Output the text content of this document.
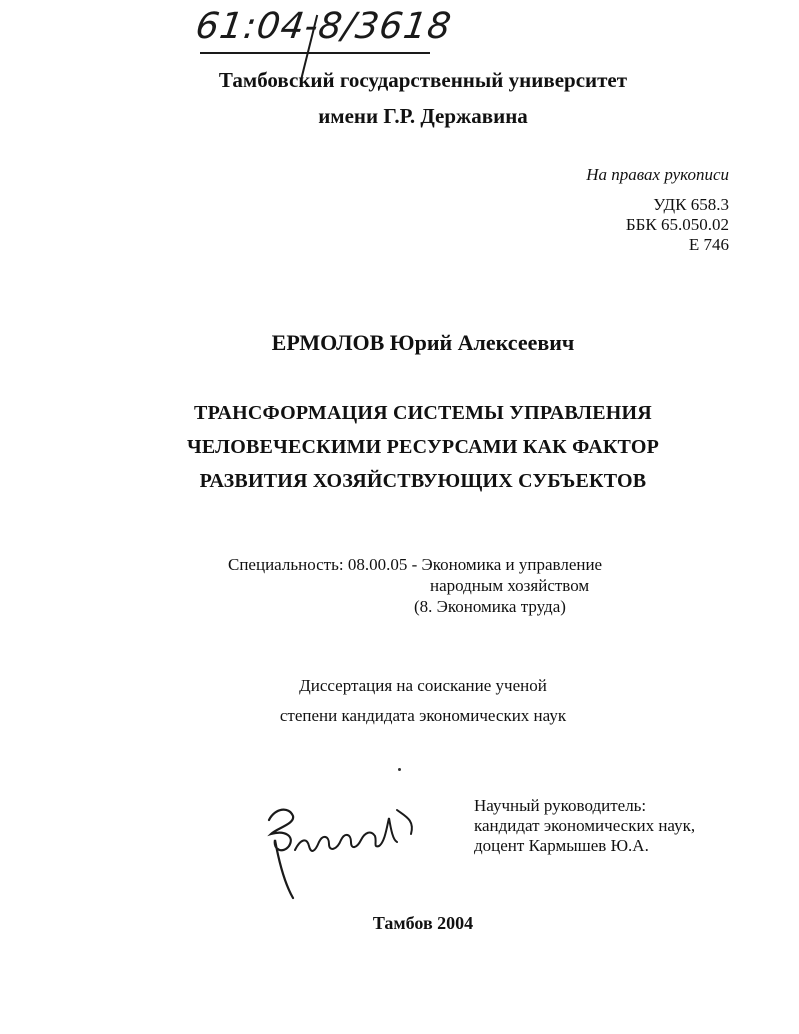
61:04-8/3618
Тамбовский государственный университет
имени Г.Р. Державина
На правах рукописи
УДК 658.3
ББК 65.050.02
Е 746
ЕРМОЛОВ Юрий Алексеевич
ТРАНСФОРМАЦИЯ СИСТЕМЫ УПРАВЛЕНИЯ
ЧЕЛОВЕЧЕСКИМИ РЕСУРСАМИ КАК ФАКТОР
РАЗВИТИЯ ХОЗЯЙСТВУЮЩИХ СУБЪЕКТОВ
Специальность: 08.00.05 - Экономика и управление
народным хозяйством
(8. Экономика труда)
Диссертация на соискание ученой
степени кандидата экономических наук
Научный руководитель:
кандидат экономических наук,
доцент Кармышев Ю.А.
Тамбов 2004
